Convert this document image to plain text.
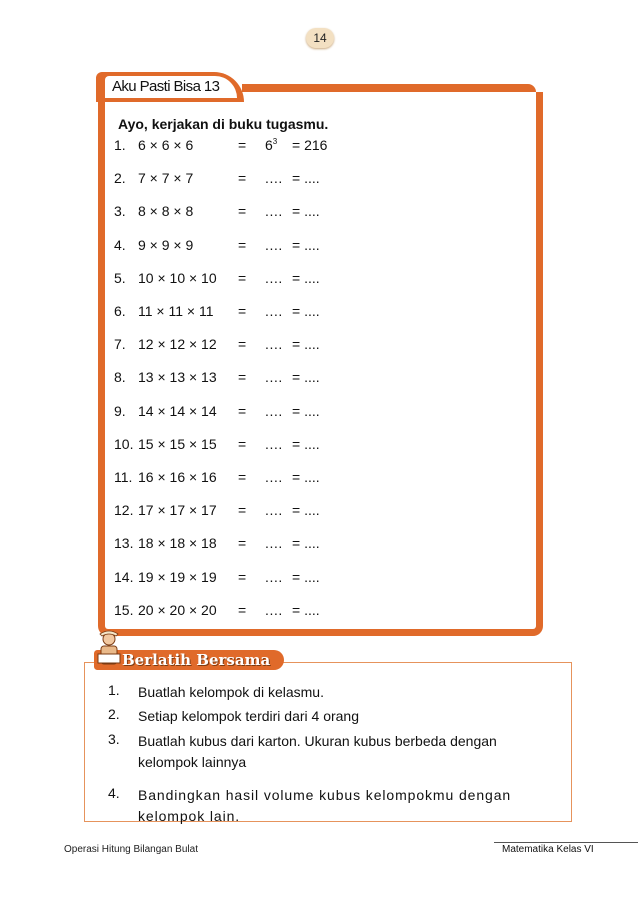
14
Aku Pasti Bisa 13
Ayo, kerjakan di buku tugasmu.
1. 6 × 6 × 6	= $6^3 = 216$
2. 7 × 7 × 7	= .… = ....
3. 8 × 8 × 8	= .… = ....
4. 9 × 9 × 9	= .… = ....
5. 10 × 10 × 10 = .… = ....
6. 11 × 11 × 11 = .… = ....
7. 12 × 12 × 12 = .… = ....
8. 13 × 13 × 13 = .… = ....
9. 14 × 14 × 14 = .… = ....
10. 15 × 15 × 15 = .… = ....
11. 16 × 16 × 16 = .… = ....
12. 17 × 17 × 17 = .… = ....
13. 18 × 18 × 18 = .… = ....
14. 19 × 19 × 19 = .… = ....
15. 20 × 20 × 20 = .… = ....
Berlatih Bersama
1. Buatlah kelompok di kelasmu.
2. Setiap kelompok terdiri dari 4 orang
3. Buatlah kubus dari karton. Ukuran kubus berbeda dengan kelompok lainnya
4. Bandingkan hasil volume kubus kelompokmu dengan kelompok lain.
Operasi Hitung Bilangan Bulat	Matematika Kelas VI
